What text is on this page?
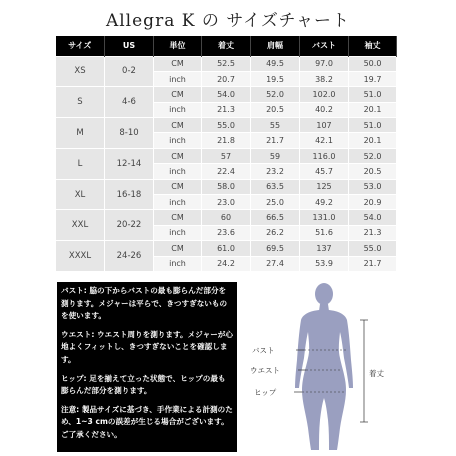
Allegra K の サイズチャート
サイズ	US	単位	着丈	肩幅	バスト	袖丈
XS	0-2	CM	52.5	49.5	97.0	50.0
		inch	20.7	19.5	38.2	19.7
S	4-6	CM	54.0	52.0	102.0	51.0
		inch	21.3	20.5	40.2	20.1
M	8-10	CM	55.0	55	107	51.0
		inch	21.8	21.7	42.1	20.1
L	12-14	CM	57	59	116.0	52.0
		inch	22.4	23.2	45.7	20.5
XL	16-18	CM	58.0	63.5	125	53.0
		inch	23.0	25.0	49.2	20.9
XXL	20-22	CM	60	66.5	131.0	54.0
		inch	23.6	26.2	51.6	21.3
XXXL	24-26	CM	61.0	69.5	137	55.0
		inch	24.2	27.4	53.9	21.7

バスト: 脇の下からバストの最も膨らんだ部分を測ります。メジャーは平らで、きつすぎないものを使います。

ウエスト: ウエスト周りを測ります。メジャーが心地よくフィットし、きつすぎないことを確認します。

ヒップ: 足を揃えて立った状態で、ヒップの最も膨らんだ部分を測ります。

注意: 製品サイズに基づき、手作業による計測のため、1~3 cmの誤差が生じる場合がございます。ご了承ください。

バスト
ウエスト
ヒップ
着丈
